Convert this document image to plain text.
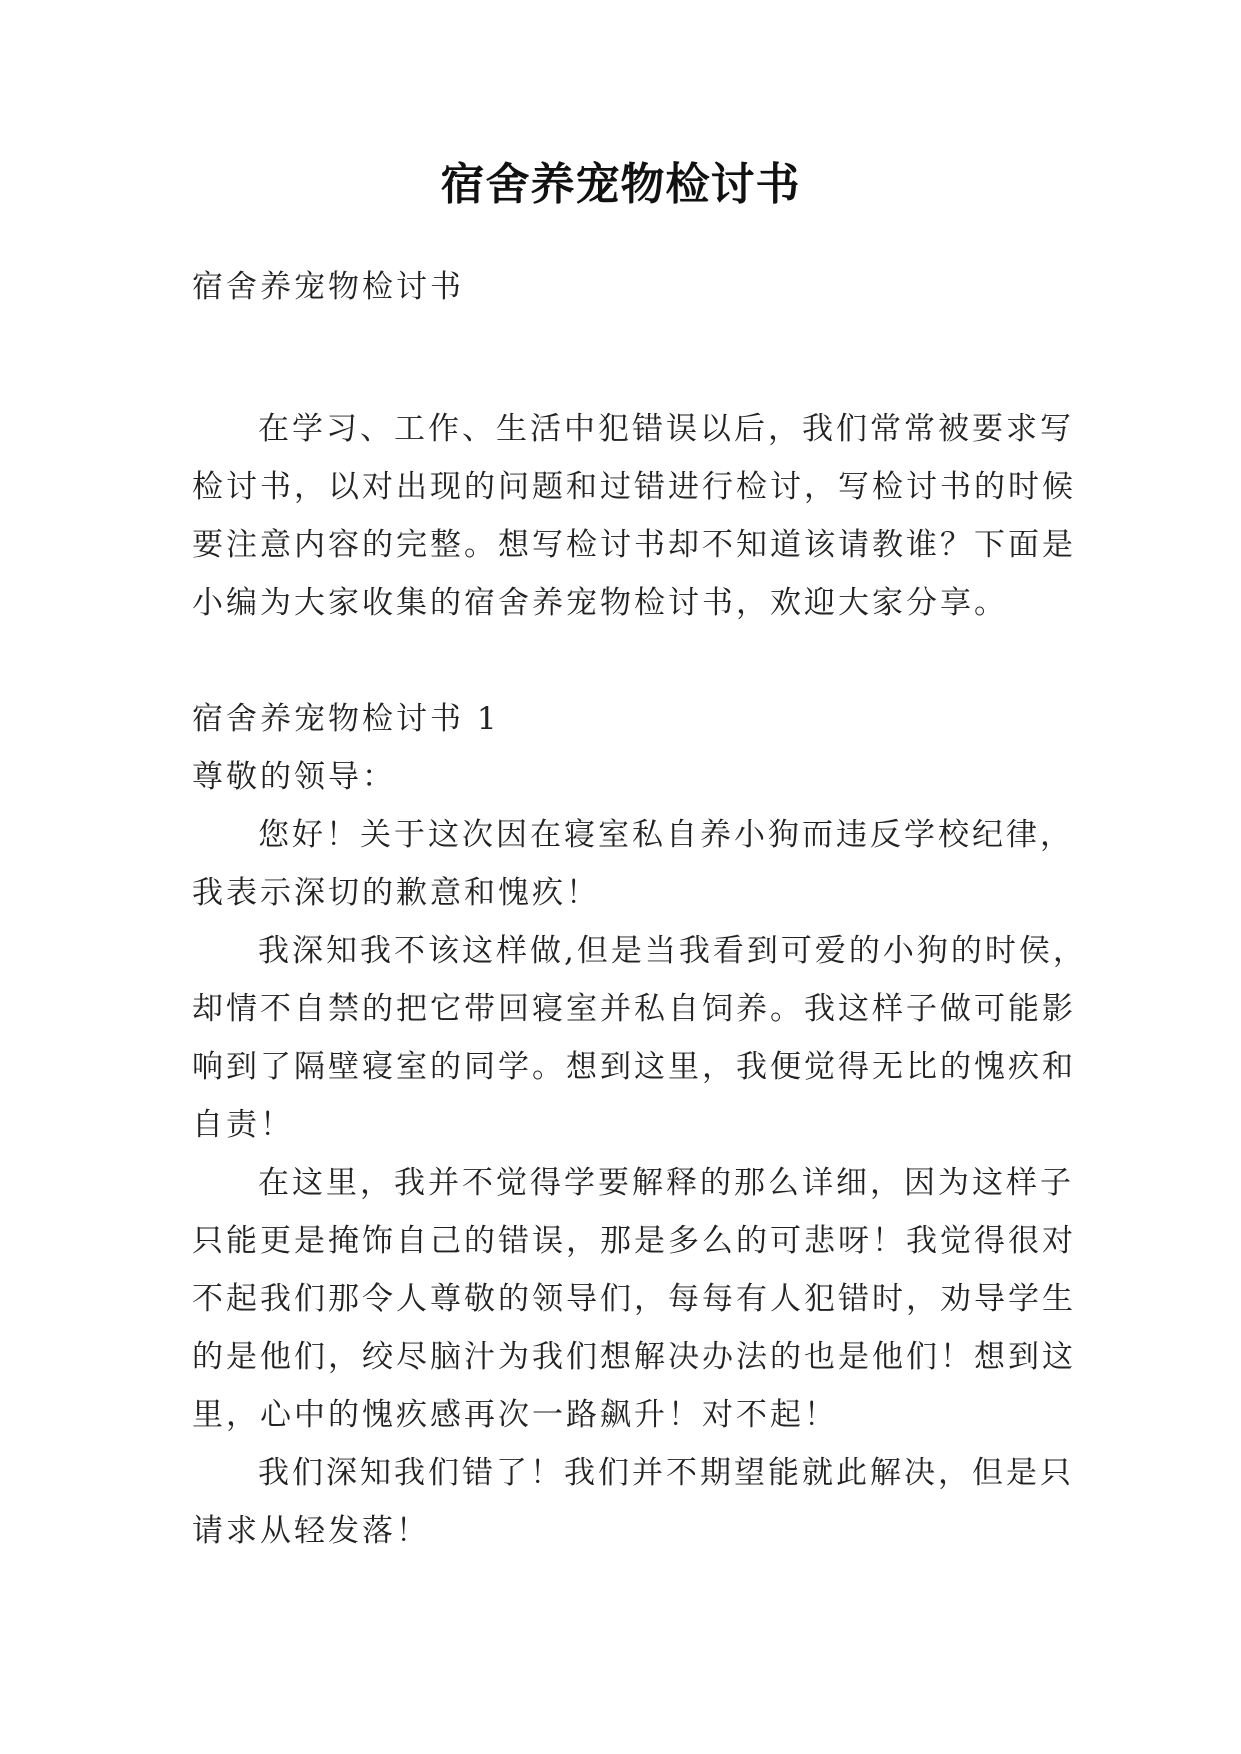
宿舍养宠物检讨书
宿舍养宠物检讨书
在学习、工作、生活中犯错误以后，我们常常被要求写
检讨书，以对出现的问题和过错进行检讨，写检讨书的时候
要注意内容的完整。想写检讨书却不知道该请教谁？下面是
小编为大家收集的宿舍养宠物检讨书，欢迎大家分享。
宿舍养宠物检讨书 1
尊敬的领导：
您好！关于这次因在寝室私自养小狗而违反学校纪律，
我表示深切的歉意和愧疚！
我深知我不该这样做,但是当我看到可爱的小狗的时侯，
却情不自禁的把它带回寝室并私自饲养。我这样子做可能影
响到了隔壁寝室的同学。想到这里，我便觉得无比的愧疚和
自责！
在这里，我并不觉得学要解释的那么详细，因为这样子
只能更是掩饰自己的错误，那是多么的可悲呀！我觉得很对
不起我们那令人尊敬的领导们，每每有人犯错时，劝导学生
的是他们，绞尽脑汁为我们想解决办法的也是他们！想到这
里，心中的愧疚感再次一路飙升！对不起！
我们深知我们错了！我们并不期望能就此解决，但是只
请求从轻发落！
